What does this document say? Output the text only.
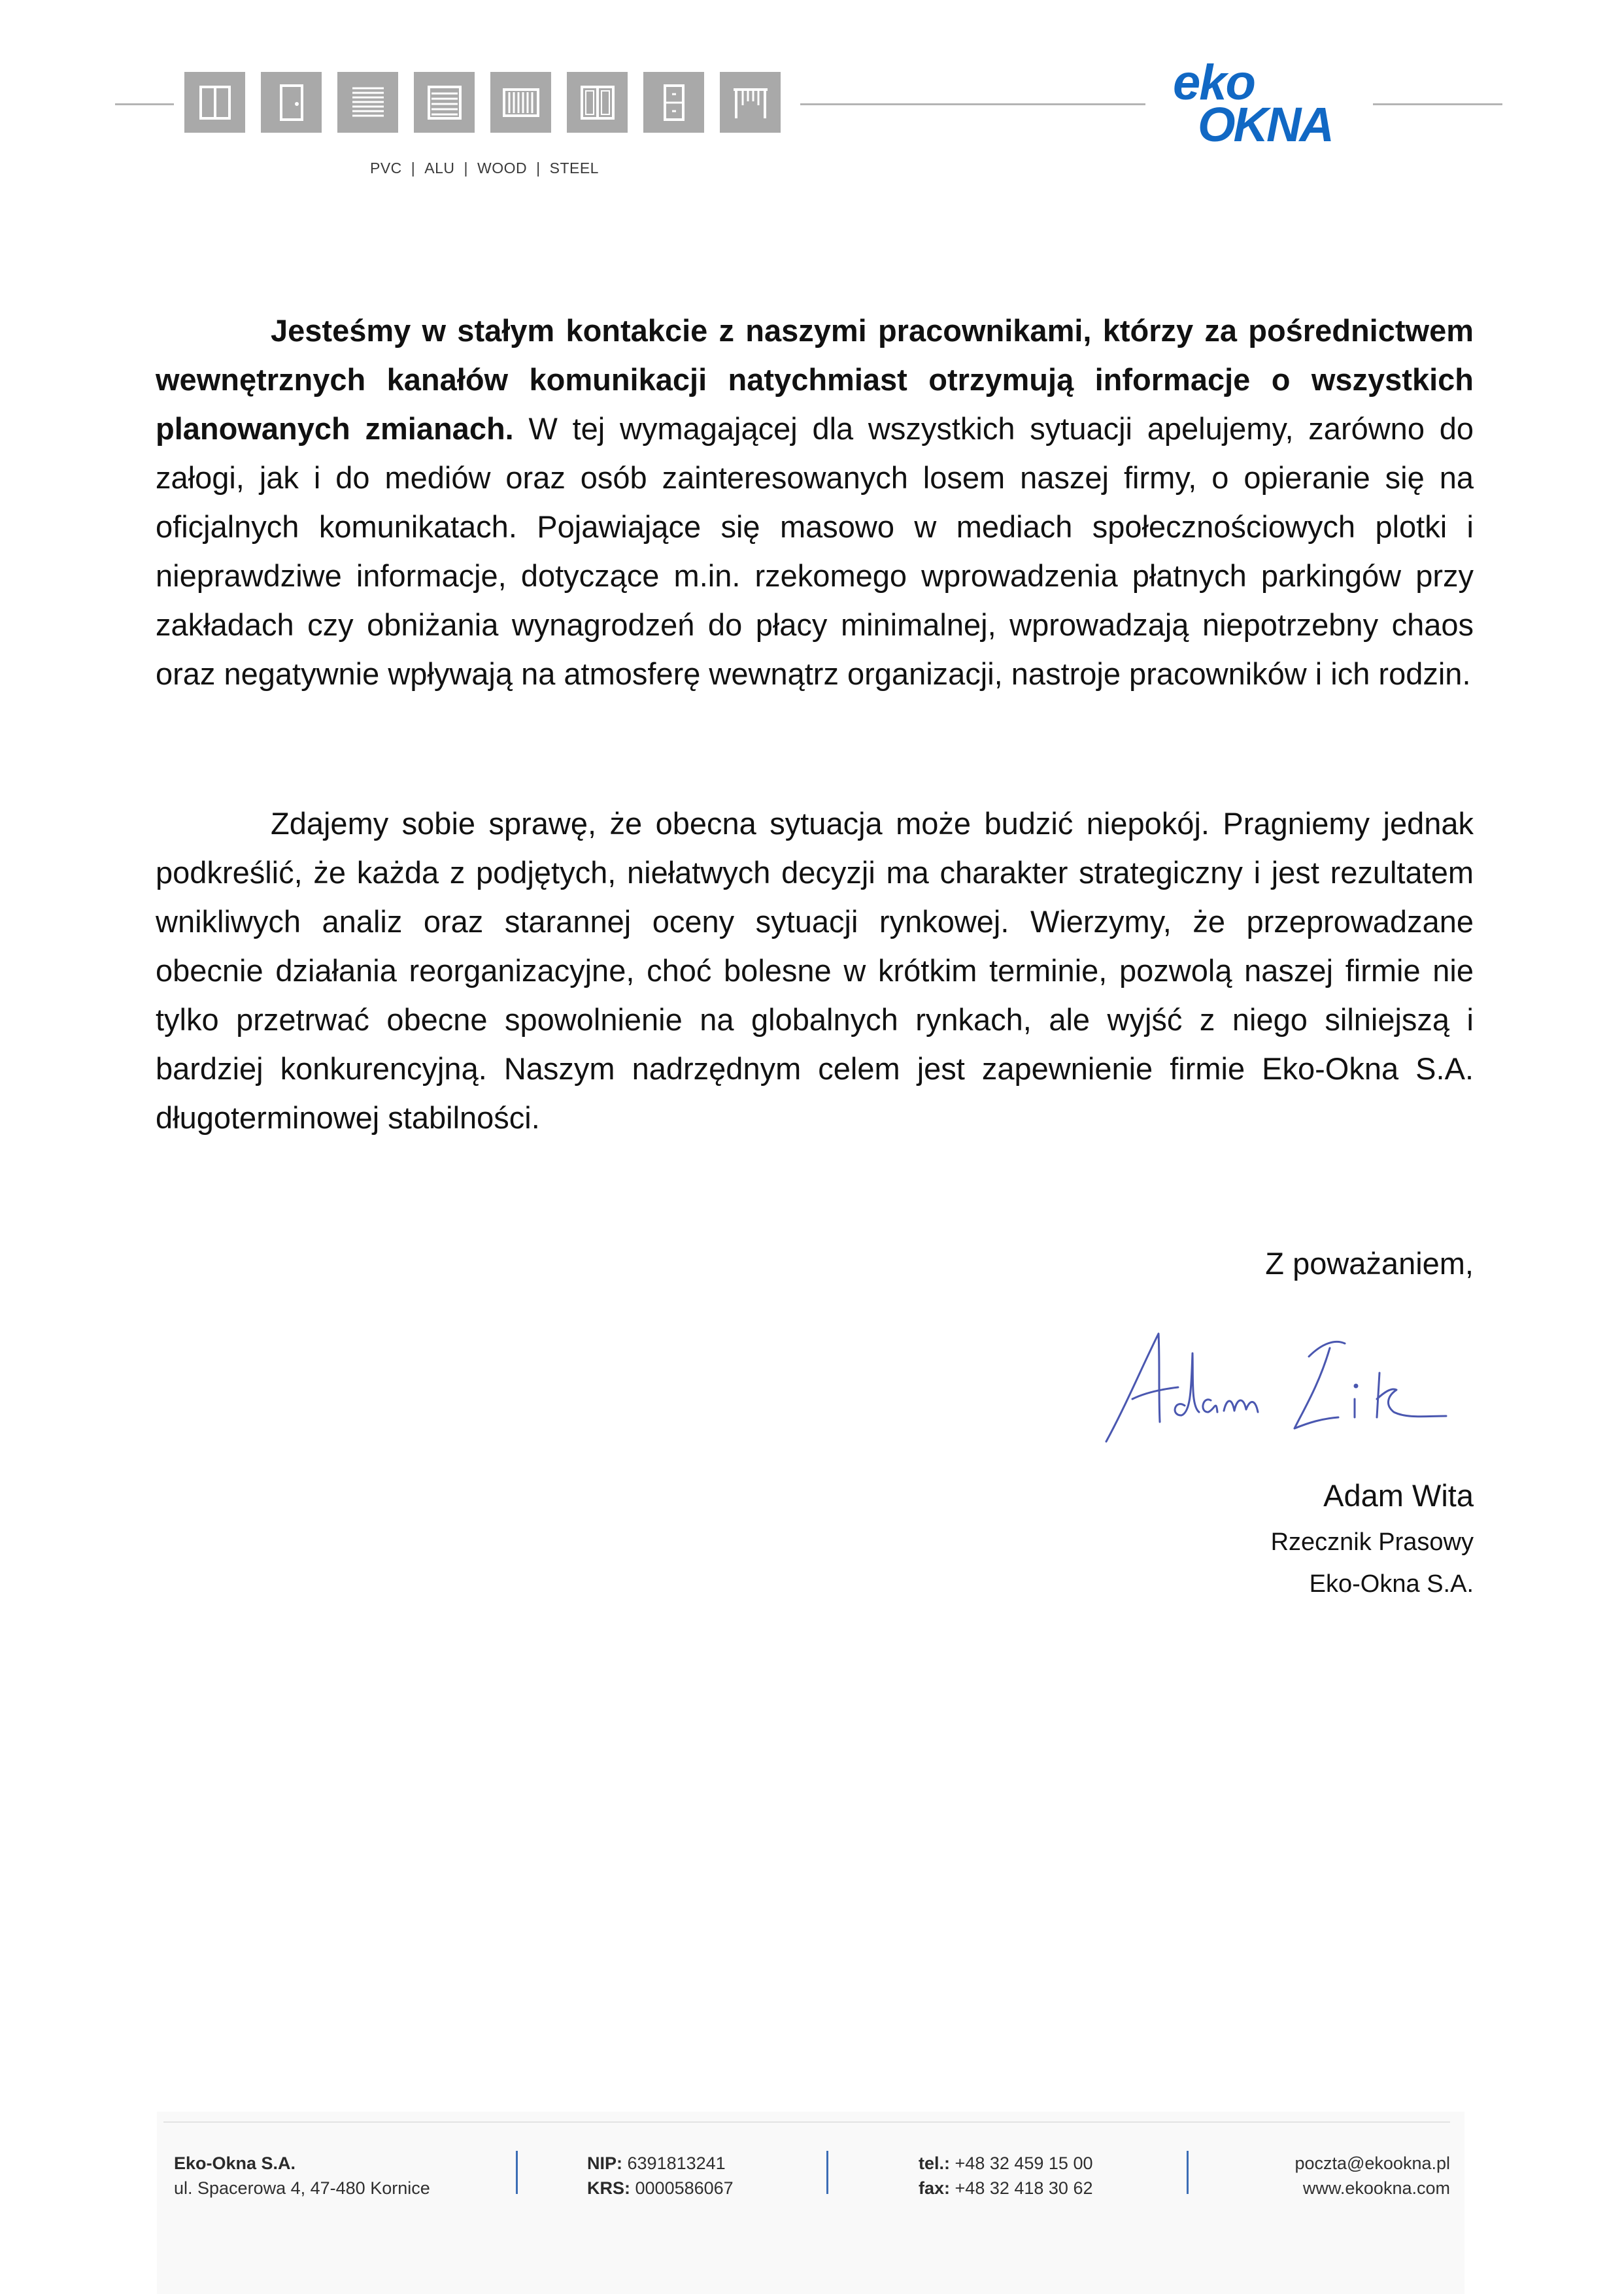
PVC | ALU | WOOD | STEEL
eko
OKNA
Jesteśmy w stałym kontakcie z naszymi pracownikami, którzy za pośrednictwem wewnętrznych kanałów komunikacji natychmiast otrzymują informacje o wszystkich planowanych zmianach. W tej wymagającej dla wszystkich sytuacji apelujemy, zarówno do załogi, jak i do mediów oraz osób zainteresowanych losem naszej firmy, o opieranie się na oficjalnych komunikatach. Pojawiające się masowo w mediach społecznościowych plotki i nieprawdziwe informacje, dotyczące m.in. rzekomego wprowadzenia płatnych parkingów przy zakładach czy obniżania wynagrodzeń do płacy minimalnej, wprowadzają niepotrzebny chaos oraz negatywnie wpływają na atmosferę wewnątrz organizacji, nastroje pracowników i ich rodzin.
Zdajemy sobie sprawę, że obecna sytuacja może budzić niepokój. Pragniemy jednak podkreślić, że każda z podjętych, niełatwych decyzji ma charakter strategiczny i jest rezultatem wnikliwych analiz oraz starannej oceny sytuacji rynkowej. Wierzymy, że przeprowadzane obecnie działania reorganizacyjne, choć bolesne w krótkim terminie, pozwolą naszej firmie nie tylko przetrwać obecne spowolnienie na globalnych rynkach, ale wyjść z niego silniejszą i bardziej konkurencyjną. Naszym nadrzędnym celem jest zapewnienie firmie Eko-Okna S.A. długoterminowej stabilności.
Z poważaniem,
Adam Wita
Rzecznik Prasowy
Eko-Okna S.A.
Eko-Okna S.A.
ul. Spacerowa 4, 47-480 Kornice
NIP: 6391813241
KRS: 0000586067
tel.: +48 32 459 15 00
fax: +48 32 418 30 62
poczta@ekookna.pl
www.ekookna.com
